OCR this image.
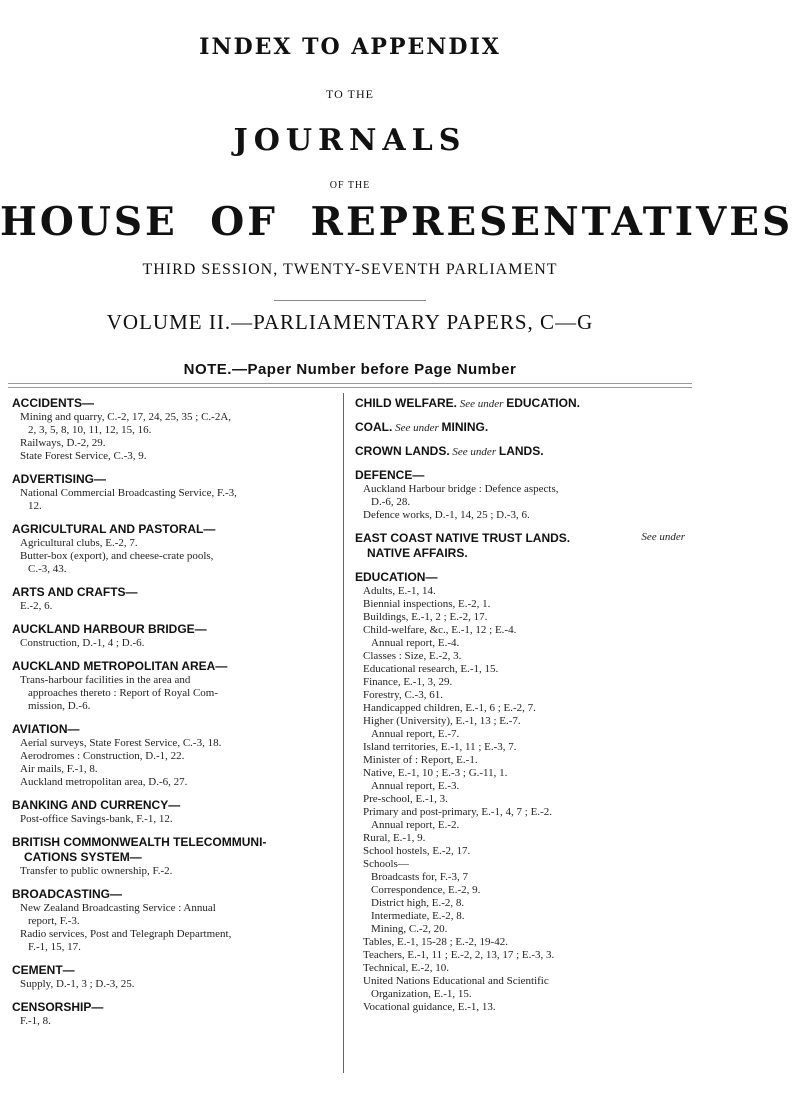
INDEX TO APPENDIX
TO THE
JOURNALS
OF THE
HOUSE OF REPRESENTATIVES
THIRD SESSION, TWENTY-SEVENTH PARLIAMENT
VOLUME II.—PARLIAMENTARY PAPERS, C—G
NOTE.—Paper Number before Page Number
ACCIDENTS—
Mining and quarry, C.-2, 17, 24, 25, 35 ; C.-2A,
2, 3, 5, 8, 10, 11, 12, 15, 16.
Railways, D.-2, 29.
State Forest Service, C.-3, 9.
ADVERTISING—
National Commercial Broadcasting Service, F.-3,
12.
AGRICULTURAL AND PASTORAL—
Agricultural clubs, E.-2, 7.
Butter-box (export), and cheese-crate pools,
C.-3, 43.
ARTS AND CRAFTS—
E.-2, 6.
AUCKLAND HARBOUR BRIDGE—
Construction, D.-1, 4 ; D.-6.
AUCKLAND METROPOLITAN AREA—
Trans-harbour facilities in the area and
approaches thereto : Report of Royal Com-
mission, D.-6.
AVIATION—
Aerial surveys, State Forest Service, C.-3, 18.
Aerodromes : Construction, D.-1, 22.
Air mails, F.-1, 8.
Auckland metropolitan area, D.-6, 27.
BANKING AND CURRENCY—
Post-office Savings-bank, F.-1, 12.
BRITISH COMMONWEALTH TELECOMMUNI-
CATIONS SYSTEM—
Transfer to public ownership, F.-2.
BROADCASTING—
New Zealand Broadcasting Service : Annual
report, F.-3.
Radio services, Post and Telegraph Department,
F.-1, 15, 17.
CEMENT—
Supply, D.-1, 3 ; D.-3, 25.
CENSORSHIP—
F.-1, 8.
CHILD WELFARE. See under EDUCATION.
COAL. See under MINING.
CROWN LANDS. See under LANDS.
DEFENCE—
Auckland Harbour bridge : Defence aspects,
D.-6, 28.
Defence works, D.-1, 14, 25 ; D.-3, 6.
EAST COAST NATIVE TRUST LANDS.	See under
NATIVE AFFAIRS.
EDUCATION—
Adults, E.-1, 14.
Biennial inspections, E.-2, 1.
Buildings, E.-1, 2 ; E.-2, 17.
Child-welfare, &c., E.-1, 12 ; E.-4.
Annual report, E.-4.
Classes : Size, E.-2, 3.
Educational research, E.-1, 15.
Finance, E.-1, 3, 29.
Forestry, C.-3, 61.
Handicapped children, E.-1, 6 ; E.-2, 7.
Higher (University), E.-1, 13 ; E.-7.
Annual report, E.-7.
Island territories, E.-1, 11 ; E.-3, 7.
Minister of : Report, E.-1.
Native, E.-1, 10 ; E.-3 ; G.-11, 1.
Annual report, E.-3.
Pre-school, E.-1, 3.
Primary and post-primary, E.-1, 4, 7 ; E.-2.
Annual report, E.-2.
Rural, E.-1, 9.
School hostels, E.-2, 17.
Schools—
Broadcasts for, F.-3, 7
Correspondence, E.-2, 9.
District high, E.-2, 8.
Intermediate, E.-2, 8.
Mining, C.-2, 20.
Tables, E.-1, 15-28 ; E.-2, 19-42.
Teachers, E.-1, 11 ; E.-2, 2, 13, 17 ; E.-3, 3.
Technical, E.-2, 10.
United Nations Educational and Scientific
Organization, E.-1, 15.
Vocational guidance, E.-1, 13.
